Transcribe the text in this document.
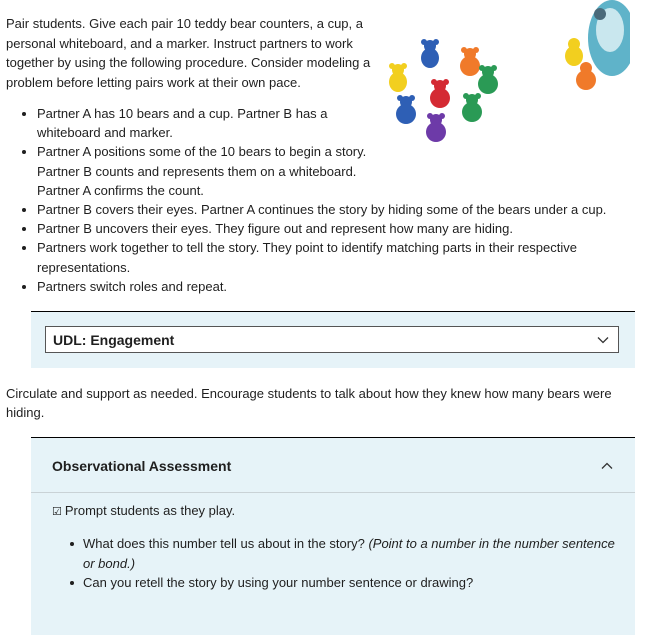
Pair students. Give each pair 10 teddy bear counters, a cup, a personal whiteboard, and a marker. Instruct partners to work together by using the following procedure. Consider modeling a problem before letting pairs work at their own pace.

• Partner A has 10 bears and a cup. Partner B has a whiteboard and marker.
• Partner A positions some of the 10 bears to begin a story. Partner B counts and represents them on a whiteboard. Partner A confirms the count.
• Partner B covers their eyes. Partner A continues the story by hiding some of the bears under a cup.
• Partner B uncovers their eyes. They figure out and represent how many are hiding.
• Partners work together to tell the story. They point to identify matching parts in their respective representations.
• Partners switch roles and repeat.
UDL: Engagement

Circulate and support as needed. Encourage students to talk about how they knew how many bears were hiding.

Observational Assessment
☑ Prompt students as they play.
What does this number tell us about in the story? (Point to a number in the number sentence or bond.)
Can you retell the story by using your number sentence or drawing?
